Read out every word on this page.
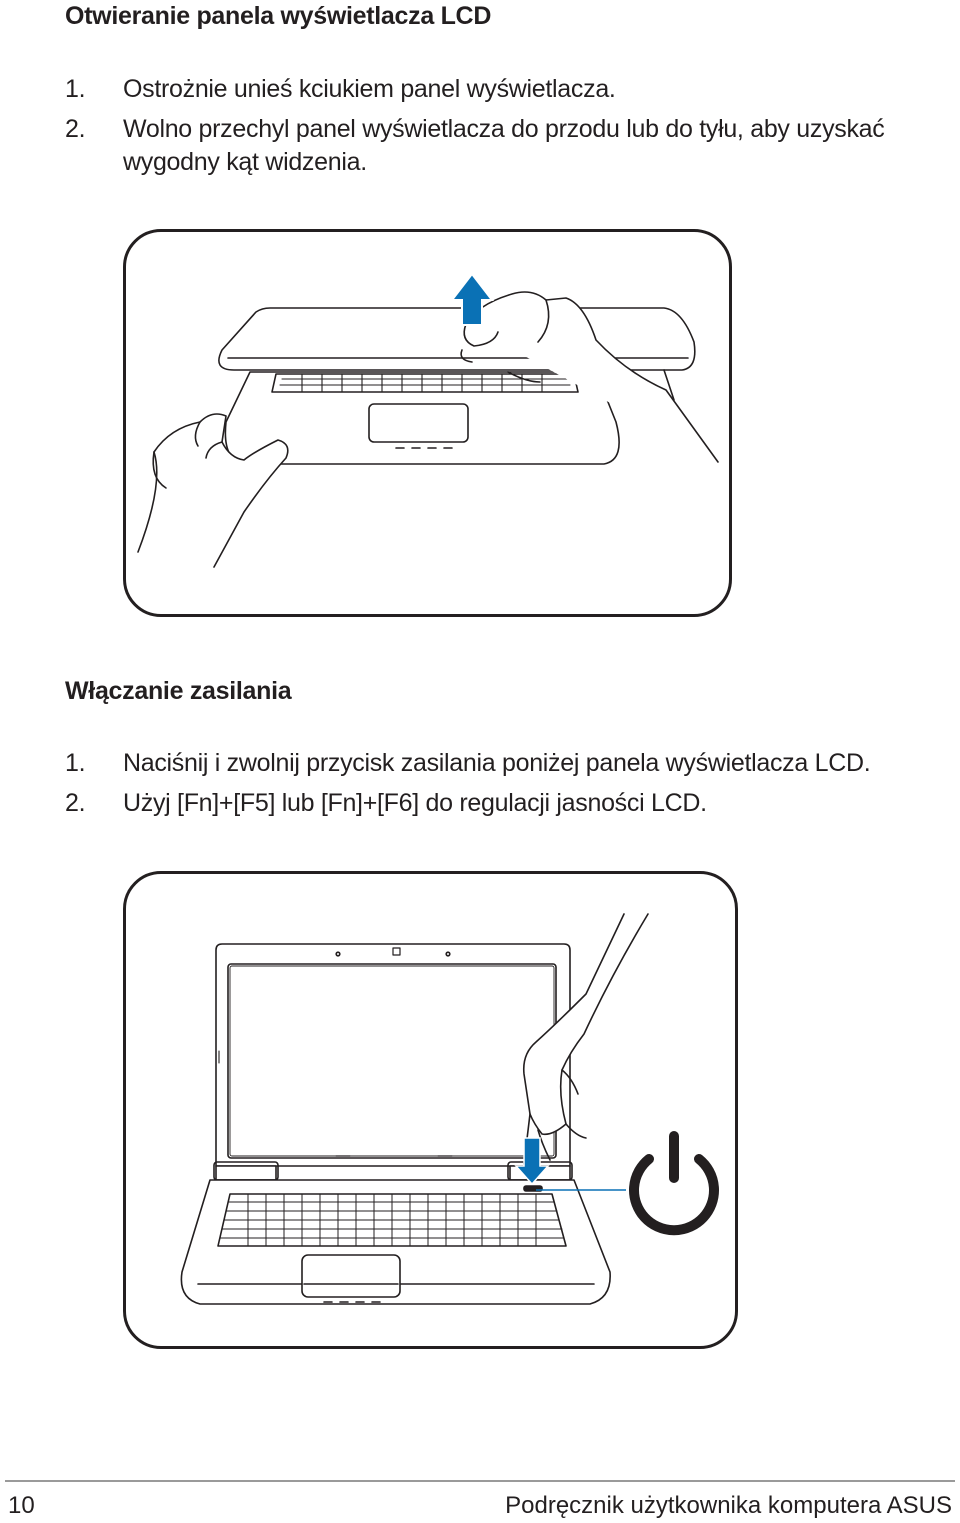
Otwieranie panela wyświetlacza LCD
1. Ostrożnie unieś kciukiem panel wyświetlacza.
2. Wolno przechyl panel wyświetlacza do przodu lub do tyłu, aby uzyskać wygodny kąt widzenia.
Włączanie zasilania
1. Naciśnij i zwolnij przycisk zasilania poniżej panela wyświetlacza LCD.
2. Użyj [Fn]+[F5] lub [Fn]+[F6] do regulacji jasności LCD.
10	Podręcznik użytkownika komputera ASUS
